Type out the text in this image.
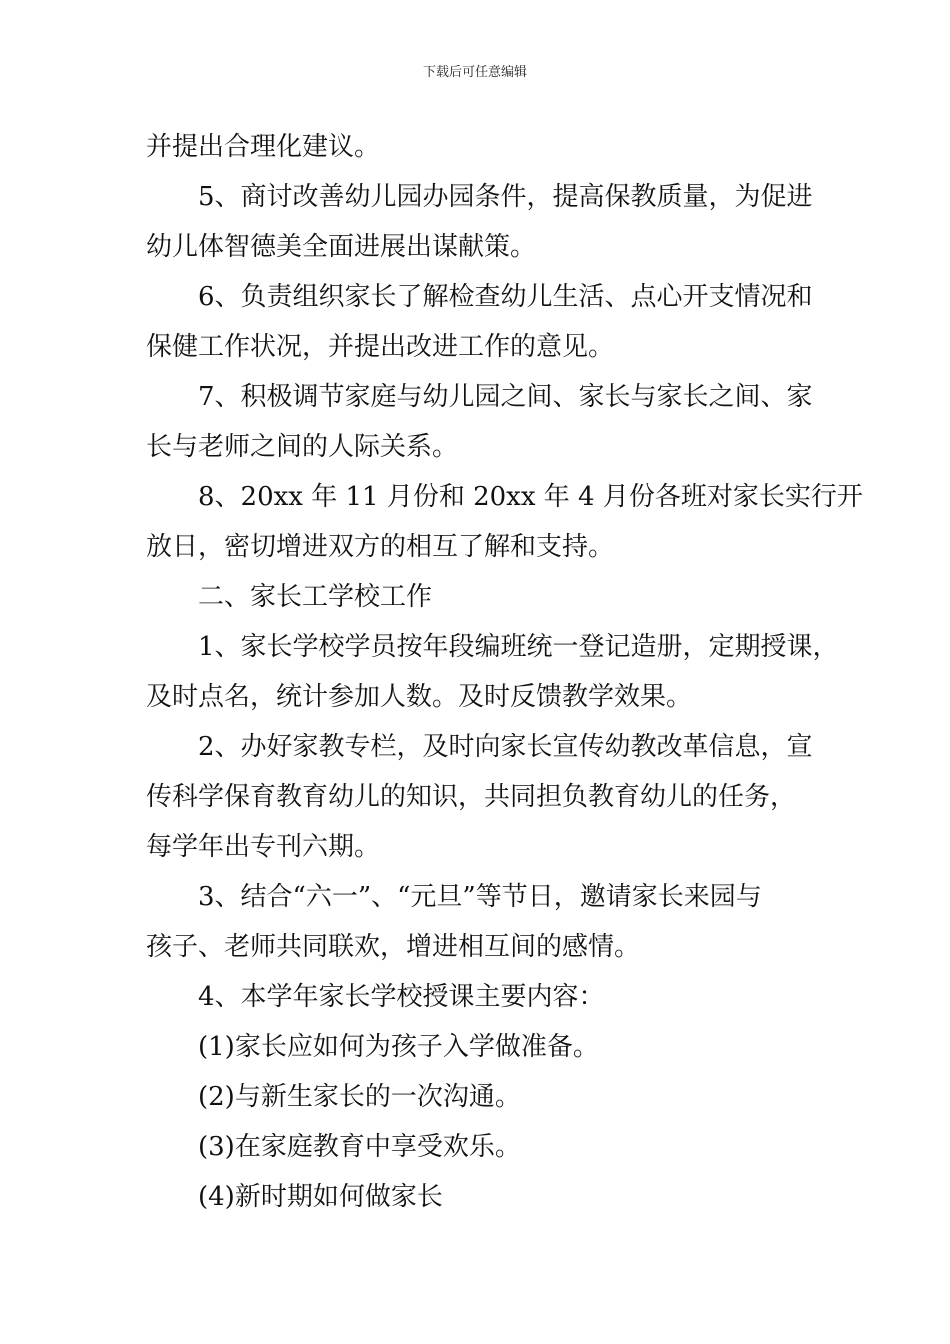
下载后可任意编辑
并提出合理化建议。
5、商讨改善幼儿园办园条件，提高保教质量，为促进
幼儿体智德美全面进展出谋献策。
6、负责组织家长了解检查幼儿生活、点心开支情况和
保健工作状况，并提出改进工作的意见。
7、积极调节家庭与幼儿园之间、家长与家长之间、家
长与老师之间的人际关系。
8、20xx 年 11 月份和 20xx 年 4 月份各班对家长实行开
放日，密切增进双方的相互了解和支持。
二、家长工学校工作
1、家长学校学员按年段编班统一登记造册，定期授课，
及时点名，统计参加人数。及时反馈教学效果。
2、办好家教专栏，及时向家长宣传幼教改革信息，宣
传科学保育教育幼儿的知识，共同担负教育幼儿的任务，
每学年出专刊六期。
3、结合“六一”、“元旦”等节日，邀请家长来园与
孩子、老师共同联欢，增进相互间的感情。
4、本学年家长学校授课主要内容：
(1)家长应如何为孩子入学做准备。
(2)与新生家长的一次沟通。
(3)在家庭教育中享受欢乐。
(4)新时期如何做家长
